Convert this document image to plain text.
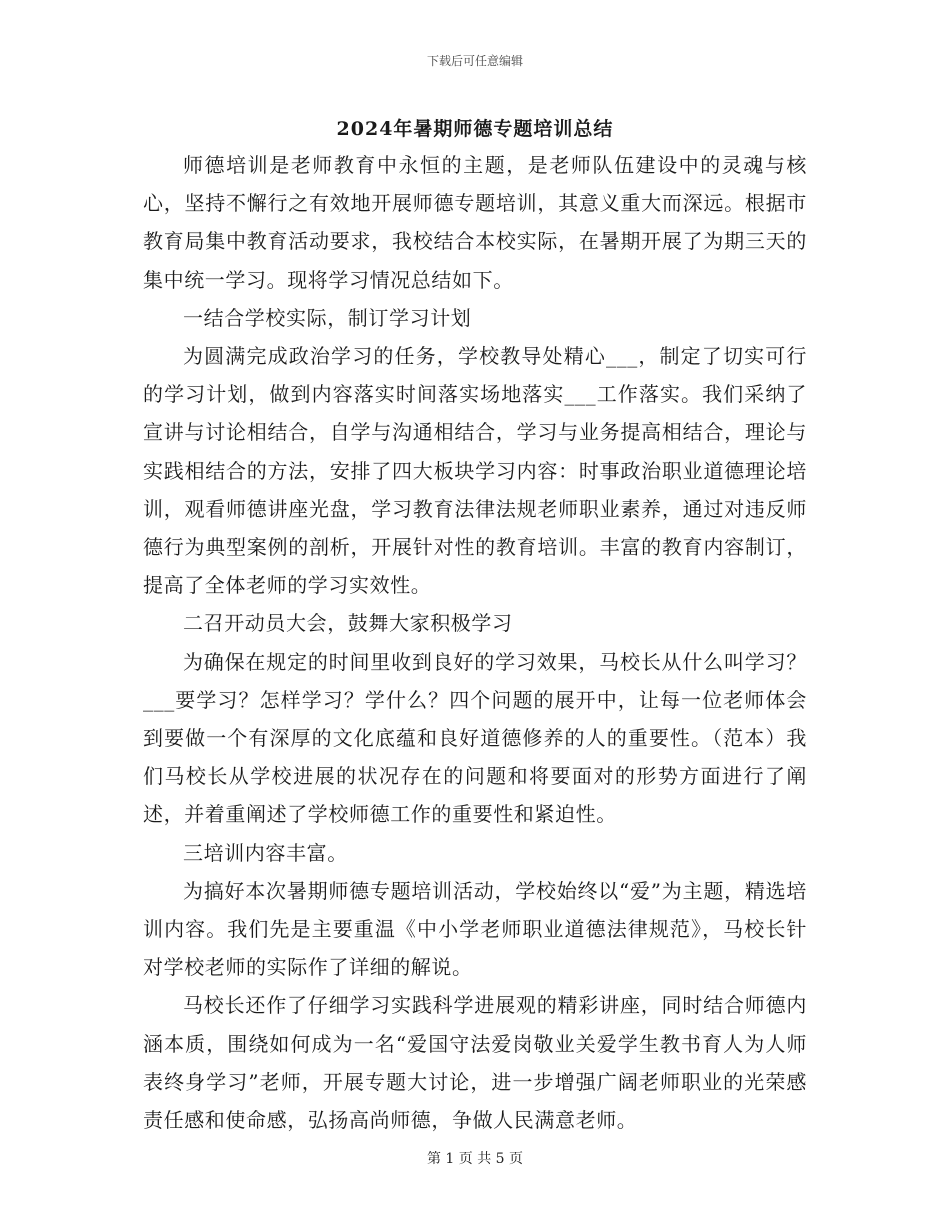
下载后可任意编辑
2024年暑期师德专题培训总结

师德培训是老师教育中永恒的主题，是老师队伍建设中的灵魂与核心，坚持不懈行之有效地开展师德专题培训，其意义重大而深远。根据市教育局集中教育活动要求，我校结合本校实际，在暑期开展了为期三天的集中统一学习。现将学习情况总结如下。

一结合学校实际，制订学习计划

为圆满完成政治学习的任务，学校教导处精心___，制定了切实可行的学习计划，做到内容落实时间落实场地落实___工作落实。我们采纳了宣讲与讨论相结合，自学与沟通相结合，学习与业务提高相结合，理论与实践相结合的方法，安排了四大板块学习内容：时事政治职业道德理论培训，观看师德讲座光盘，学习教育法律法规老师职业素养，通过对违反师德行为典型案例的剖析，开展针对性的教育培训。丰富的教育内容制订，提高了全体老师的学习实效性。

二召开动员大会，鼓舞大家积极学习

为确保在规定的时间里收到良好的学习效果，马校长从什么叫学习？___要学习？怎样学习？学什么？四个问题的展开中，让每一位老师体会到要做一个有深厚的文化底蕴和良好道德修养的人的重要性。（范本）我们马校长从学校进展的状况存在的问题和将要面对的形势方面进行了阐述，并着重阐述了学校师德工作的重要性和紧迫性。

三培训内容丰富。

为搞好本次暑期师德专题培训活动，学校始终以“爱”为主题，精选培训内容。我们先是主要重温《中小学老师职业道德法律规范》，马校长针对学校老师的实际作了详细的解说。

马校长还作了仔细学习实践科学进展观的精彩讲座，同时结合师德内涵本质，围绕如何成为一名“爱国守法爱岗敬业关爱学生教书育人为人师表终身学习”老师，开展专题大讨论，进一步增强广阔老师职业的光荣感责任感和使命感，弘扬高尚师德，争做人民满意老师。

第 1 页 共 5 页
